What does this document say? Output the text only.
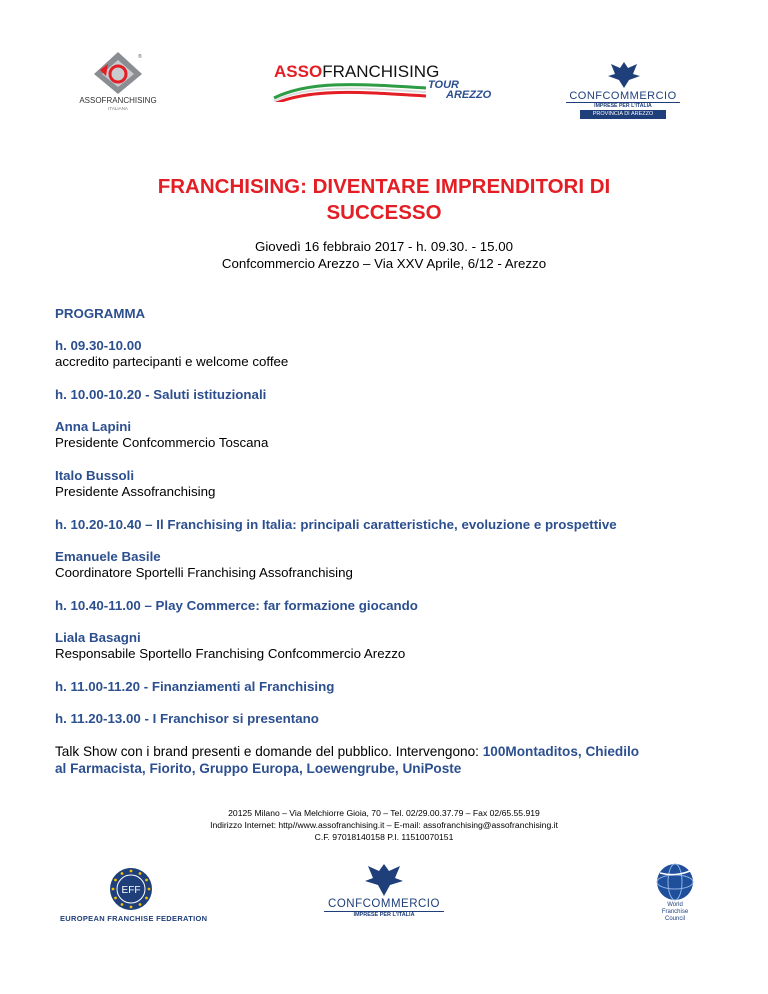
®
ASSOFRANCHISING
ITALIANA
ASSOFRANCHISING
TOUR
AREZZO	CONFCOMMERCIO
IMPRESE PER L'ITALIA
PROVINCIA DI AREZZO
FRANCHISING: DIVENTARE IMPRENDITORI DI
SUCCESSO
Giovedì 16 febbraio 2017 - h. 09.30. - 15.00
Confcommercio Arezzo – Via XXV Aprile, 6/12 - Arezzo
PROGRAMMA
h. 09.30-10.00
accredito partecipanti e welcome coffee
h. 10.00-10.20 - Saluti istituzionali
Anna Lapini
Presidente Confcommercio Toscana
Italo Bussoli
Presidente Assofranchising
h. 10.20-10.40 – Il Franchising in Italia: principali caratteristiche, evoluzione e prospettive
Emanuele Basile
Coordinatore Sportelli Franchising Assofranchising
h. 10.40-11.00 – Play Commerce: far formazione giocando
Liala Basagni
Responsabile Sportello Franchising Confcommercio Arezzo
h. 11.00-11.20 - Finanziamenti al Franchising
h. 11.20-13.00 - I Franchisor si presentano
Talk Show con i brand presenti e domande del pubblico. Intervengono: 100Montaditos, Chiedilo
al Farmacista, Fiorito, Gruppo Europa, Loewengrube, UniPoste
20125 Milano – Via Melchiorre Gioia, 70 – Tel. 02/29.00.37.79 – Fax 02/65.55.919
Indirizzo Internet: http//www.assofranchising.it – E-mail: assofranchising@assofranchising.it
C.F. 97018140158 P.I. 11510070151
EFF
EUROPEAN FRANCHISE FEDERATION
CONFCOMMERCIO
IMPRESE PER L'ITALIA
World Franchise Council
